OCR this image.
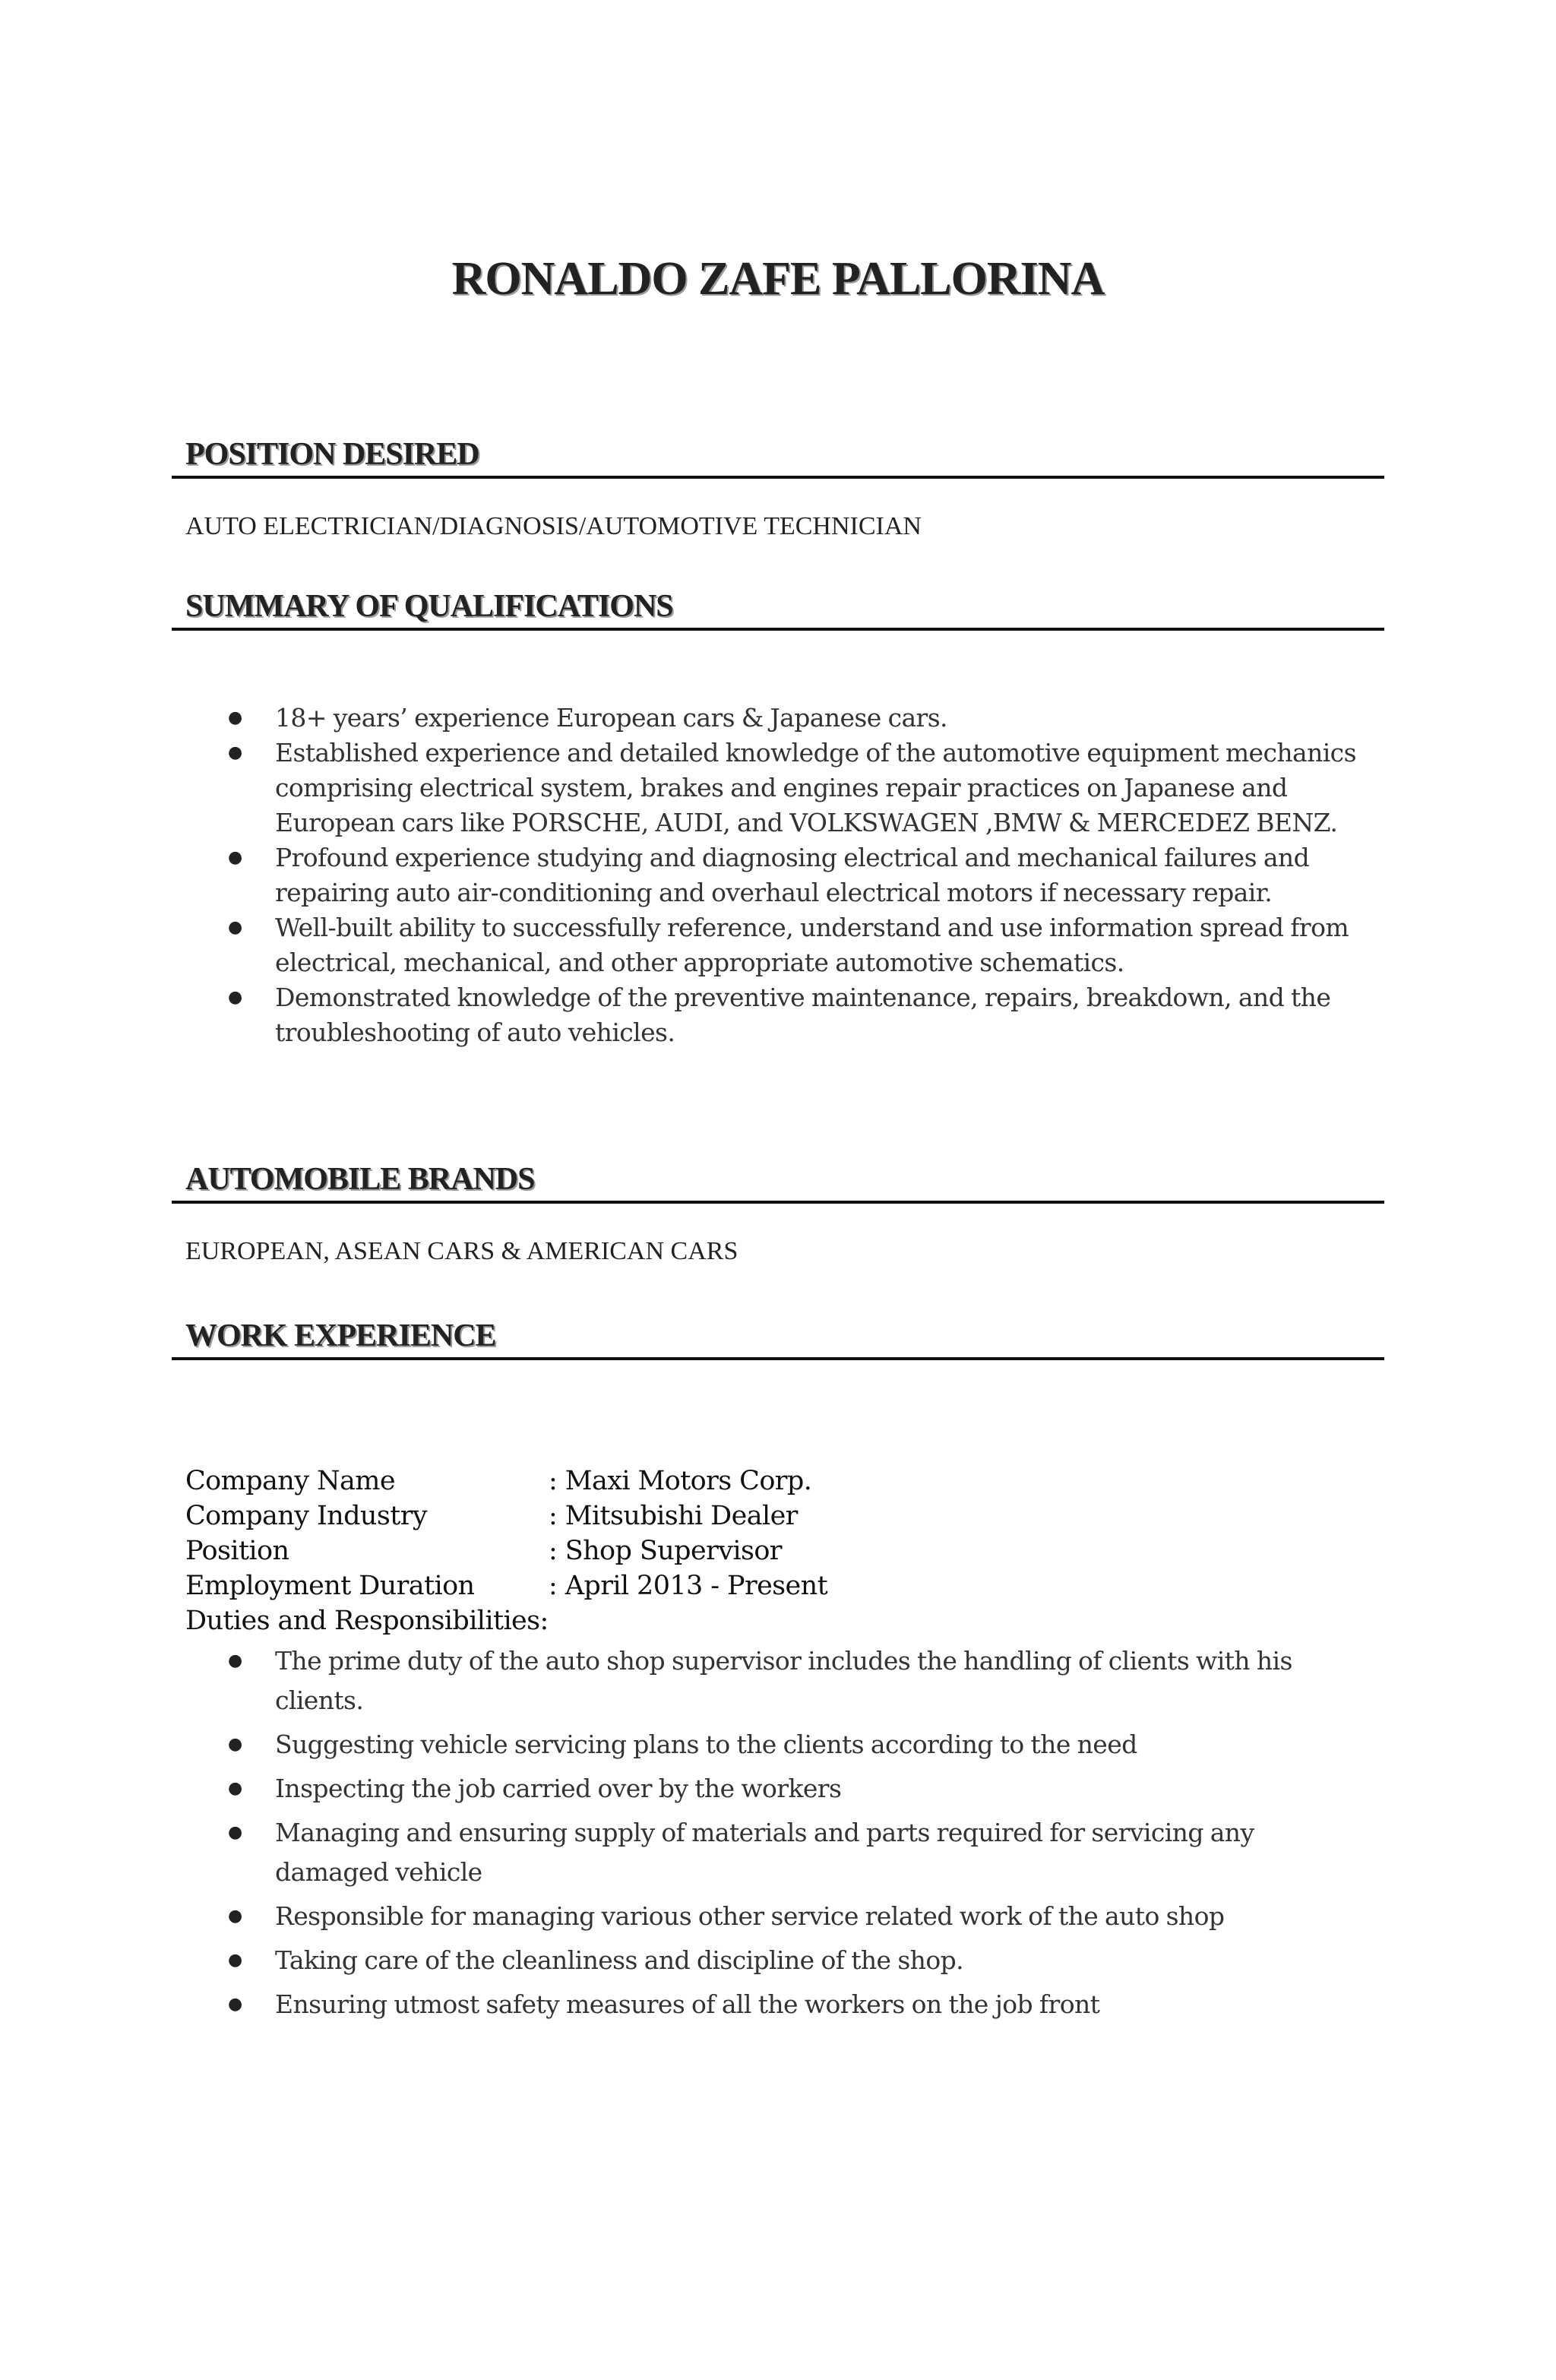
RONALDO ZAFE PALLORINA
POSITION DESIRED
AUTO ELECTRICIAN/DIAGNOSIS/AUTOMOTIVE TECHNICIAN
SUMMARY OF QUALIFICATIONS
● 18+ years’ experience European cars & Japanese cars.
● Established experience and detailed knowledge of the automotive equipment mechanics comprising electrical system, brakes and engines repair practices on Japanese and European cars like PORSCHE, AUDI, and VOLKSWAGEN ,BMW & MERCEDEZ BENZ.
● Profound experience studying and diagnosing electrical and mechanical failures and repairing auto air-conditioning and overhaul electrical motors if necessary repair.
● Well-built ability to successfully reference, understand and use information spread from electrical, mechanical, and other appropriate automotive schematics.
● Demonstrated knowledge of the preventive maintenance, repairs, breakdown, and the troubleshooting of auto vehicles.
AUTOMOBILE BRANDS
EUROPEAN, ASEAN CARS & AMERICAN CARS
WORK EXPERIENCE
Company Name	: Maxi Motors Corp.
Company Industry	: Mitsubishi Dealer
Position	: Shop Supervisor
Employment Duration	: April 2013 - Present
Duties and Responsibilities:
● The prime duty of the auto shop supervisor includes the handling of clients with his clients.
● Suggesting vehicle servicing plans to the clients according to the need
● Inspecting the job carried over by the workers
● Managing and ensuring supply of materials and parts required for servicing any damaged vehicle
● Responsible for managing various other service related work of the auto shop
● Taking care of the cleanliness and discipline of the shop.
● Ensuring utmost safety measures of all the workers on the job front
